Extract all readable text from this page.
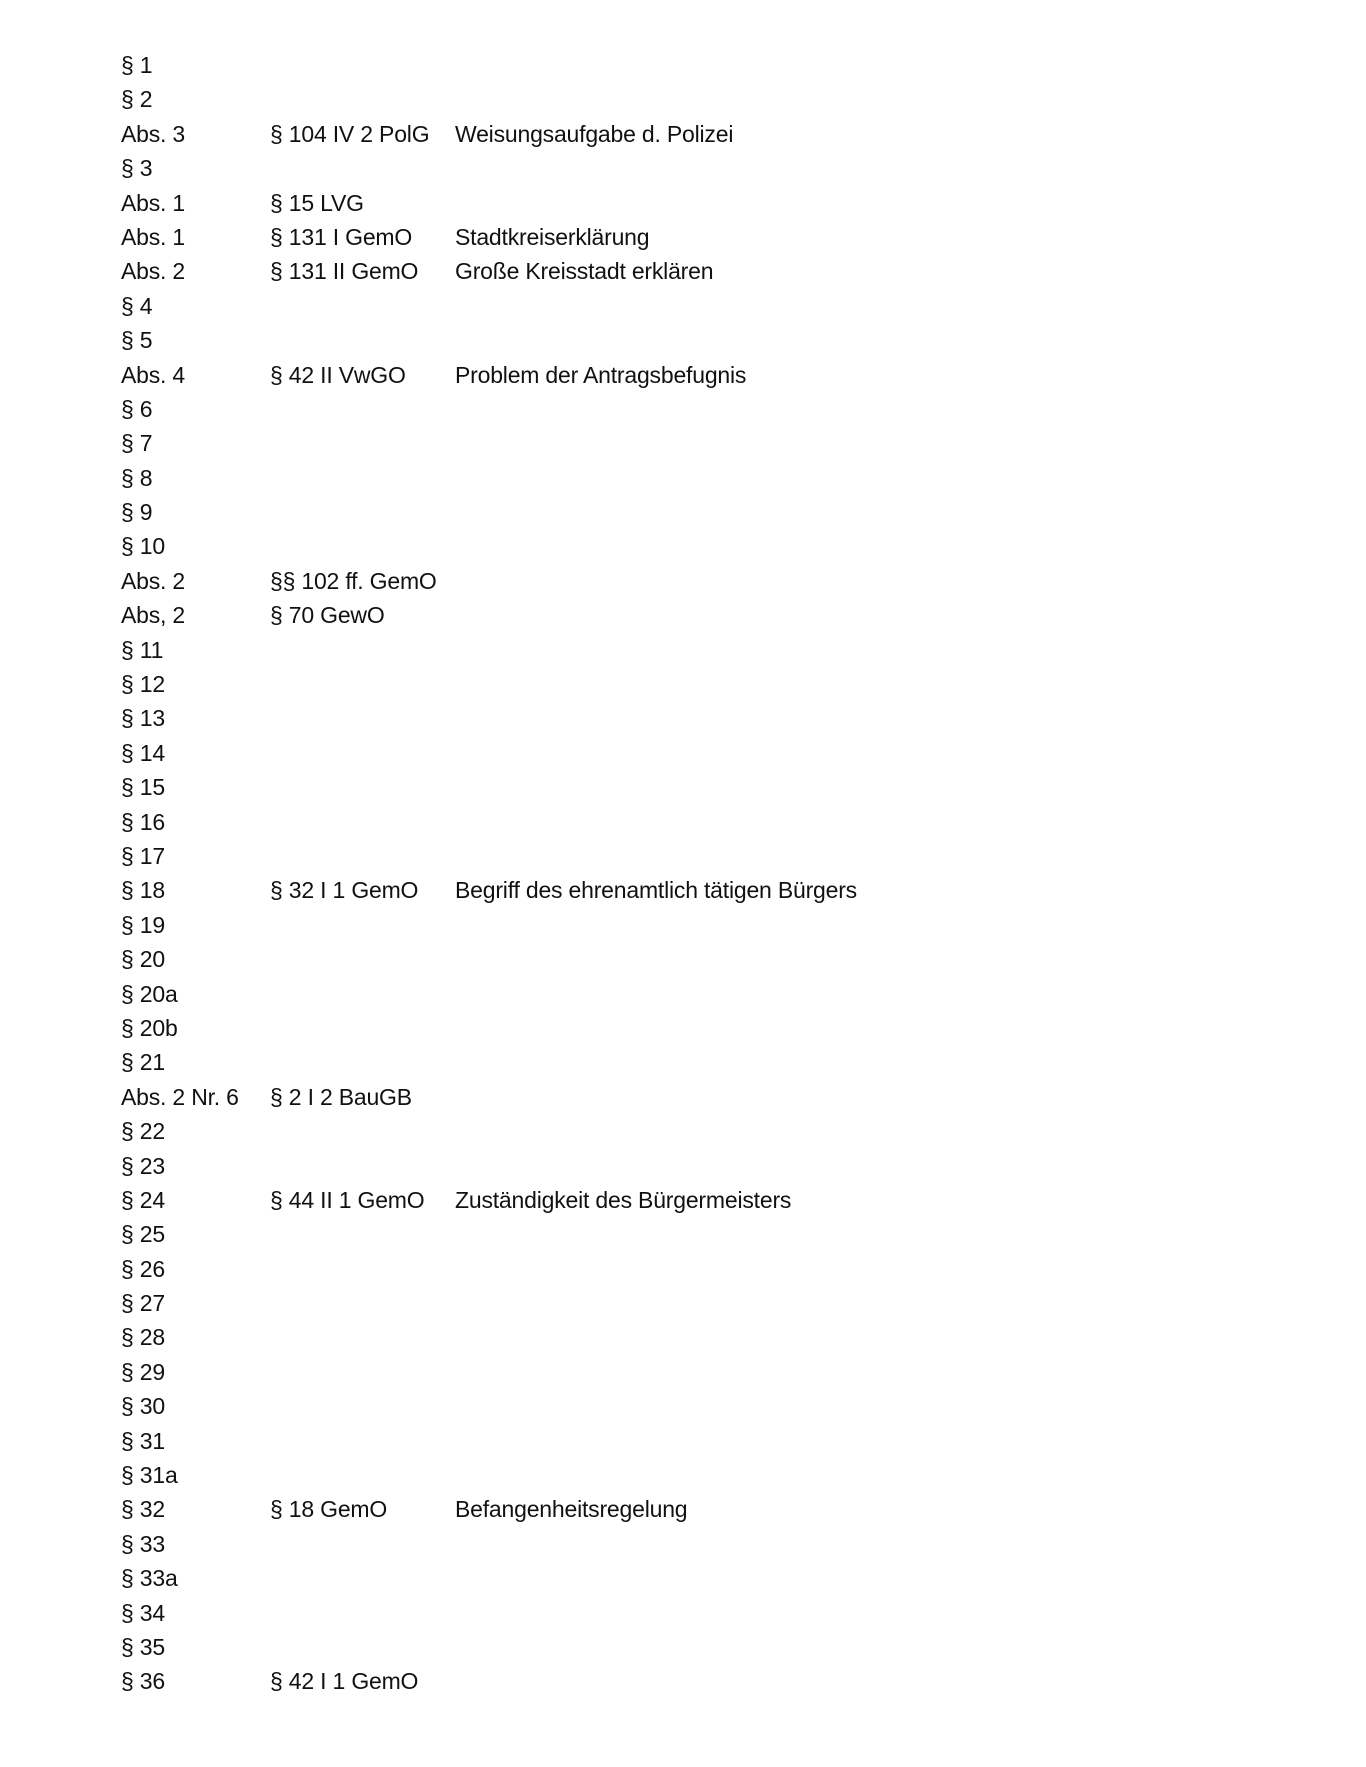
§ 1
§ 2
Abs. 3	§ 104 IV 2 PolG	Weisungsaufgabe d. Polizei
§ 3
Abs. 1	§ 15 LVG
Abs. 1	§ 131 I GemO	Stadtkreiserklärung
Abs. 2	§ 131 II GemO	Große Kreisstadt erklären
§ 4
§ 5
Abs. 4	§ 42 II VwGO	Problem der Antragsbefugnis
§ 6
§ 7
§ 8
§ 9
§ 10
Abs. 2	§§ 102 ff. GemO
Abs, 2	§ 70 GewO
§ 11
§ 12
§ 13
§ 14
§ 15
§ 16
§ 17
§ 18	§ 32 I 1 GemO	Begriff des ehrenamtlich tätigen Bürgers
§ 19
§ 20
§ 20a
§ 20b
§ 21
Abs. 2 Nr. 6	§ 2 I 2 BauGB
§ 22
§ 23
§ 24	§ 44 II 1 GemO	Zuständigkeit des Bürgermeisters
§ 25
§ 26
§ 27
§ 28
§ 29
§ 30
§ 31
§ 31a
§ 32	§ 18 GemO	Befangenheitsregelung
§ 33
§ 33a
§ 34
§ 35
§ 36	§ 42 I 1 GemO
